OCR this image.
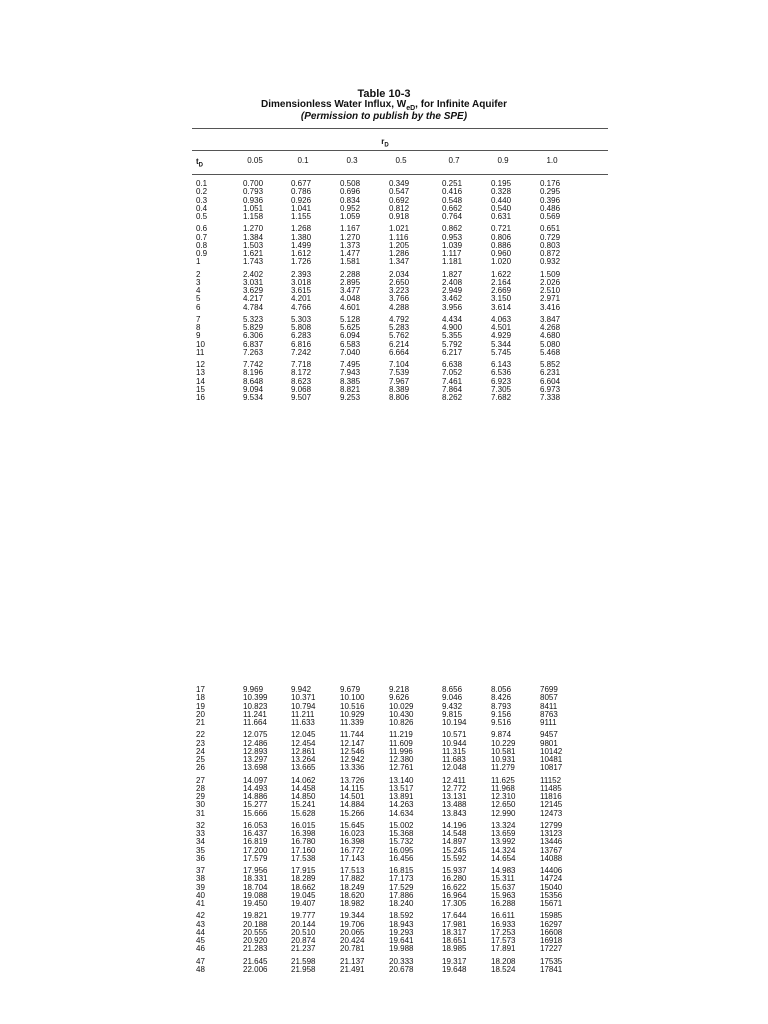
Table 10-3
Dimensionless Water Influx, $W_{eD}$, for Infinite Aquifer
(Permission to publish by the SPE)
$r_D$
$t_D$
0.05	0.1	0.3	0.5	0.7	0.9	1.0
0.1	0.700	0.677	0.508	0.349	0.251	0.195	0.176
0.2	0.793	0.786	0.696	0.547	0.416	0.328	0.295
0.3	0.936	0.926	0.834	0.692	0.548	0.440	0.396
0.4	1.051	1.041	0.952	0.812	0.662	0.540	0.486
0.5	1.158	1.155	1.059	0.918	0.764	0.631	0.569
0.6	1.270	1.268	1.167	1.021	0.862	0.721	0.651
0.7	1.384	1.380	1.270	1.116	0.953	0.806	0.729
0.8	1.503	1.499	1.373	1.205	1.039	0.886	0.803
0.9	1.621	1.612	1.477	1.286	1.117	0.960	0.872
1	1.743	1.726	1.581	1.347	1.181	1.020	0.932
2	2.402	2.393	2.288	2.034	1.827	1.622	1.509
3	3.031	3.018	2.895	2.650	2.408	2.164	2.026
4	3.629	3.615	3.477	3.223	2.949	2.669	2.510
5	4.217	4.201	4.048	3.766	3.462	3.150	2.971
6	4.784	4.766	4.601	4.288	3.956	3.614	3.416
7	5.323	5.303	5.128	4.792	4.434	4.063	3.847
8	5.829	5.808	5.625	5.283	4.900	4.501	4.268
9	6.306	6.283	6.094	5.762	5.355	4.929	4.680
10	6.837	6.816	6.583	6.214	5.792	5.344	5.080
11	7.263	7.242	7.040	6.664	6.217	5.745	5.468
12	7.742	7.718	7.495	7.104	6.638	6.143	5.852
13	8.196	8.172	7.943	7.539	7.052	6.536	6.231
14	8.648	8.623	8.385	7.967	7.461	6.923	6.604
15	9.094	9.068	8.821	8.389	7.864	7.305	6.973
16	9.534	9.507	9.253	8.806	8.262	7.682	7.338
17	9.969	9.942	9.679	9.218	8.656	8.056	7699
18	10.399	10.371	10.100	9.626	9.046	8.426	8057
19	10.823	10.794	10.516	10.029	9.432	8.793	8411
20	11.241	11.211	10.929	10.430	9.815	9.156	8763
21	11.664	11.633	11.339	10.826	10.194	9.516	9111
22	12.075	12.045	11.744	11.219	10.571	9.874	9457
23	12.486	12.454	12.147	11.609	10.944	10.229	9801
24	12.893	12.861	12.546	11.996	11.315	10.581	10142
25	13.297	13.264	12.942	12.380	11.683	10.931	10481
26	13.698	13.665	13.336	12.761	12.048	11.279	10817
27	14.097	14.062	13.726	13.140	12.411	11.625	11152
28	14.493	14.458	14.115	13.517	12.772	11.968	11485
29	14.886	14.850	14.501	13.891	13.131	12.310	11816
30	15.277	15.241	14.884	14.263	13.488	12.650	12145
31	15.666	15.628	15.266	14.634	13.843	12.990	12473
32	16.053	16.015	15.645	15.002	14.196	13.324	12799
33	16.437	16.398	16.023	15.368	14.548	13.659	13123
34	16.819	16.780	16.398	15.732	14.897	13.992	13446
35	17.200	17.160	16.772	16.095	15.245	14.324	13767
36	17.579	17.538	17.143	16.456	15.592	14.654	14088
37	17.956	17.915	17.513	16.815	15.937	14.983	14406
38	18.331	18.289	17.882	17.173	16.280	15.311	14724
39	18.704	18.662	18.249	17.529	16.622	15.637	15040
40	19.088	19.045	18.620	17.886	16.964	15.963	15356
41	19.450	19.407	18.982	18.240	17.305	16.288	15671
42	19.821	19.777	19.344	18.592	17.644	16.611	15985
43	20.188	20.144	19.706	18.943	17.981	16.933	16297
44	20.555	20.510	20.065	19.293	18.317	17.253	16608
45	20.920	20.874	20.424	19.641	18.651	17.573	16918
46	21.283	21.237	20.781	19.988	18.985	17.891	17227
47	21.645	21.598	21.137	20.333	19.317	18.208	17535
48	22.006	21.958	21.491	20.678	19.648	18.524	17841
